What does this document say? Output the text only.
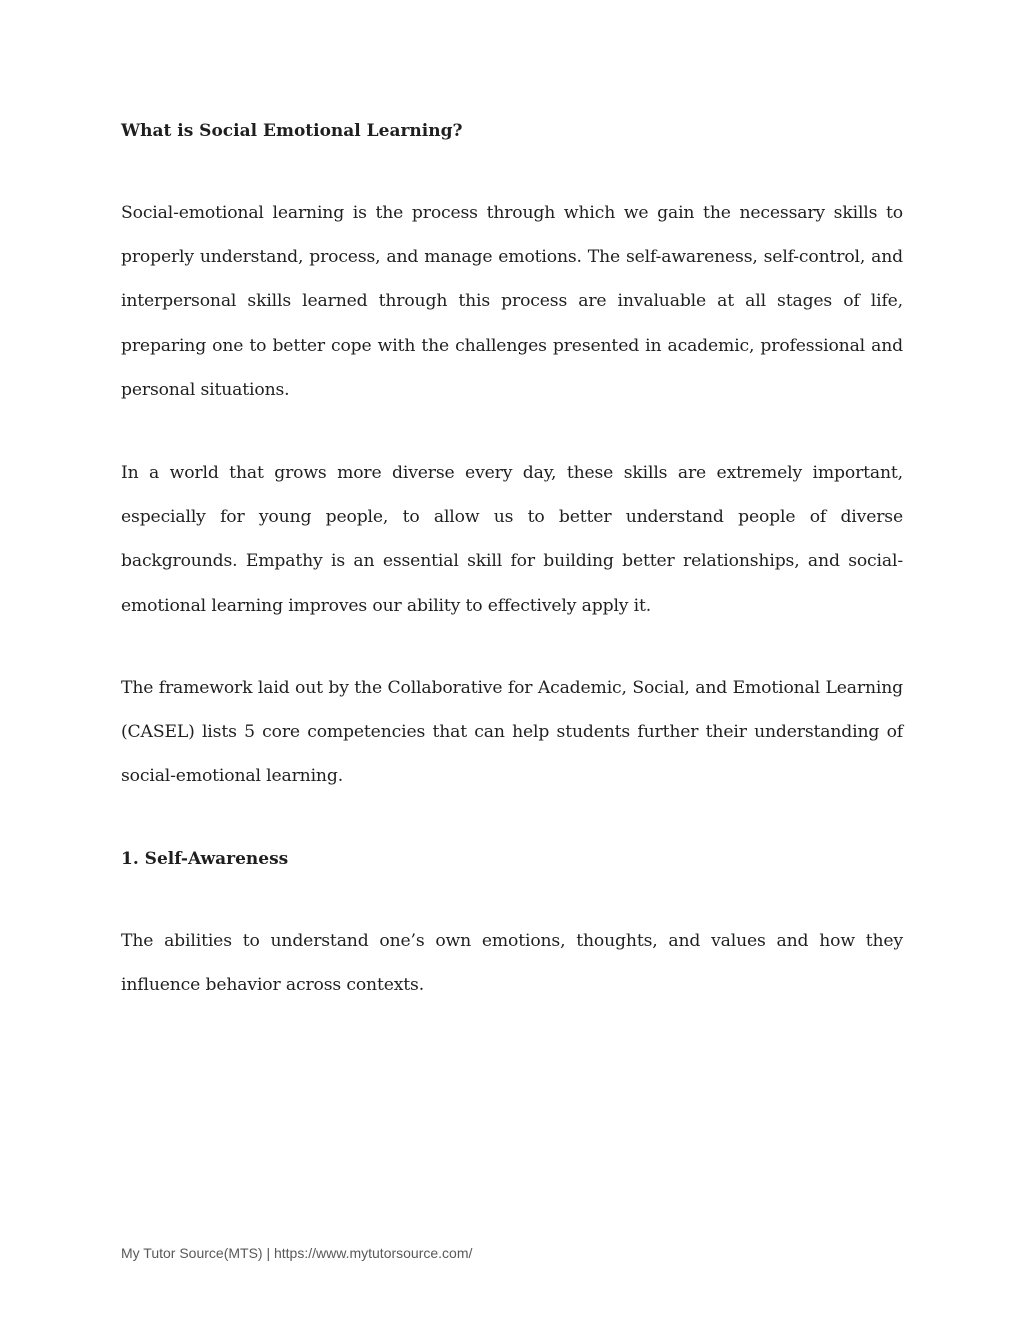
What is Social Emotional Learning?

Social-emotional learning is the process through which we gain the necessary skills to properly understand, process, and manage emotions. The self-awareness, self-control, and interpersonal skills learned through this process are invaluable at all stages of life, preparing one to better cope with the challenges presented in academic, professional and personal situations.

In a world that grows more diverse every day, these skills are extremely important, especially for young people, to allow us to better understand people of diverse backgrounds. Empathy is an essential skill for building better relationships, and social-emotional learning improves our ability to effectively apply it.

The framework laid out by the Collaborative for Academic, Social, and Emotional Learning (CASEL) lists 5 core competencies that can help students further their understanding of social-emotional learning.

1. Self-Awareness

The abilities to understand one’s own emotions, thoughts, and values and how they influence behavior across contexts.

My Tutor Source(MTS) | https://www.mytutorsource.com/
